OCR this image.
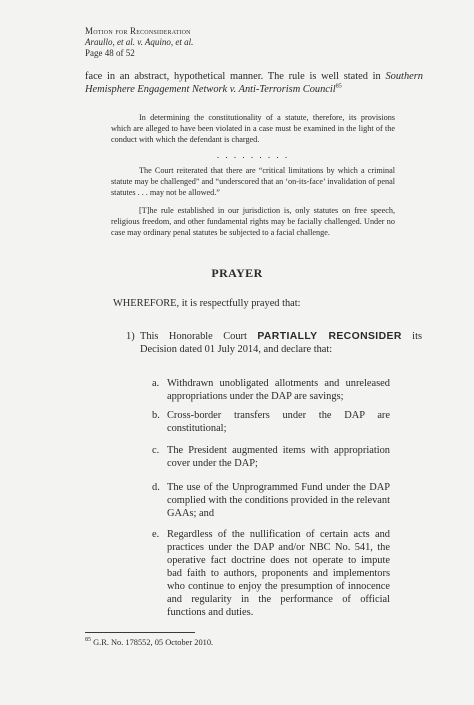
Motion for Reconsideration
Araullo, et al. v. Aquino, et al.
Page 48 of 52
face in an abstract, hypothetical manner. The rule is well stated in Southern Hemisphere Engagement Network v. Anti-Terrorism Council$^{85}$

In determining the constitutionality of a statute, therefore, its provisions which are alleged to have been violated in a case must be examined in the light of the conduct with which the defendant is charged.

. . . . . . . . .

The Court reiterated that there are “critical limitations by which a criminal statute may be challenged” and “underscored that an ‘on-its-face’ invalidation of penal statutes . . . may not be allowed.”

[T]he rule established in our jurisdiction is, only statutes on free speech, religious freedom, and other fundamental rights may be facially challenged. Under no case may ordinary penal statutes be subjected to a facial challenge.

PRAYER
WHEREFORE, it is respectfully prayed that:
1) This Honorable Court PARTIALLY RECONSIDER its Decision dated 01 July 2014, and declare that:
a. Withdrawn unobligated allotments and unreleased appropriations under the DAP are savings;
b. Cross-border transfers under the DAP are constitutional;
c. The President augmented items with appropriation cover under the DAP;
d. The use of the Unprogrammed Fund under the DAP complied with the conditions provided in the relevant GAAs; and
e. Regardless of the nullification of certain acts and practices under the DAP and/or NBC No. 541, the operative fact doctrine does not operate to impute bad faith to authors, proponents and implementors who continue to enjoy the presumption of innocence and regularity in the performance of official functions and duties.
$^{85}$ G.R. No. 178552, 05 October 2010.
